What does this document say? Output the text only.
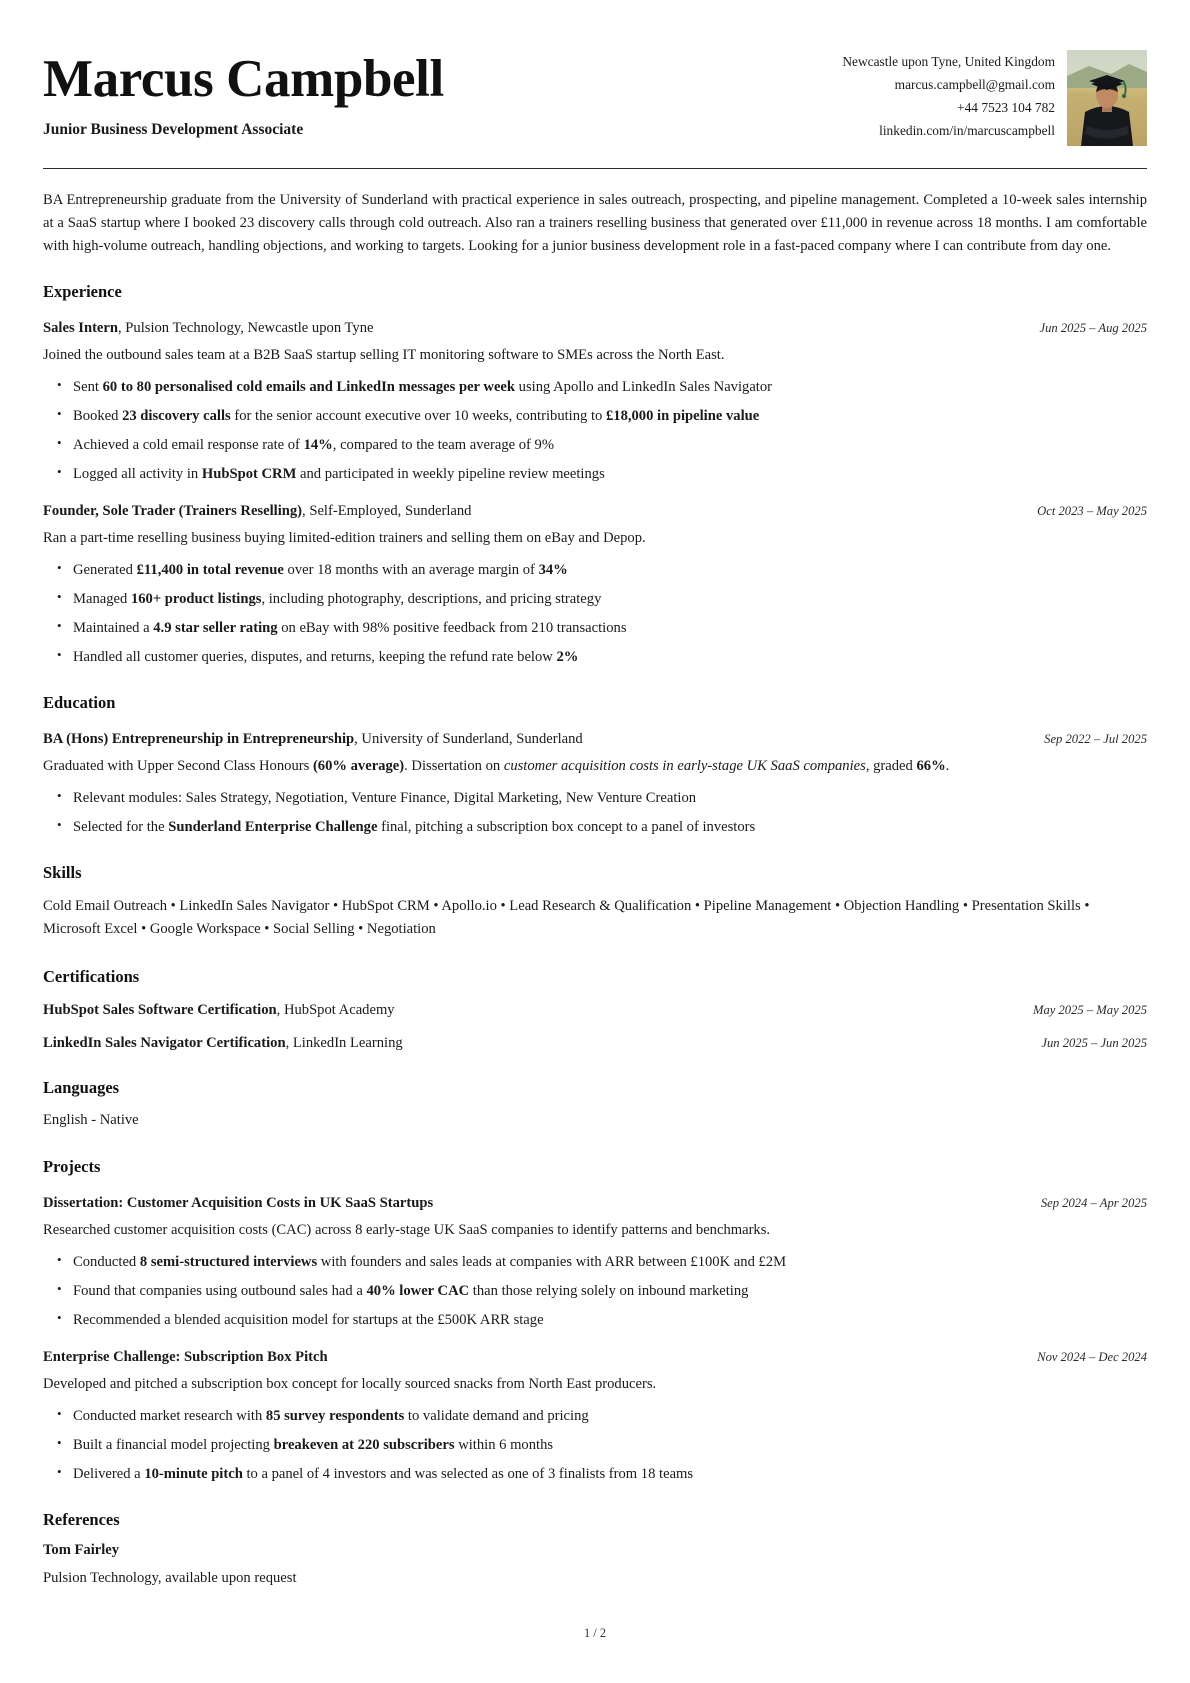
Marcus Campbell
Junior Business Development Associate
Newcastle upon Tyne, United Kingdom
marcus.campbell@gmail.com
+44 7523 104 782
linkedin.com/in/marcuscampbell
BA Entrepreneurship graduate from the University of Sunderland with practical experience in sales outreach, prospecting, and pipeline management. Completed a 10-week sales internship at a SaaS startup where I booked 23 discovery calls through cold outreach. Also ran a trainers reselling business that generated over £11,000 in revenue across 18 months. I am comfortable with high-volume outreach, handling objections, and working to targets. Looking for a junior business development role in a fast-paced company where I can contribute from day one.
Experience
Sales Intern, Pulsion Technology, Newcastle upon Tyne	Jun 2025 – Aug 2025
Joined the outbound sales team at a B2B SaaS startup selling IT monitoring software to SMEs across the North East.
• Sent 60 to 80 personalised cold emails and LinkedIn messages per week using Apollo and LinkedIn Sales Navigator
• Booked 23 discovery calls for the senior account executive over 10 weeks, contributing to £18,000 in pipeline value
• Achieved a cold email response rate of 14%, compared to the team average of 9%
• Logged all activity in HubSpot CRM and participated in weekly pipeline review meetings
Founder, Sole Trader (Trainers Reselling), Self-Employed, Sunderland	Oct 2023 – May 2025
Ran a part-time reselling business buying limited-edition trainers and selling them on eBay and Depop.
• Generated £11,400 in total revenue over 18 months with an average margin of 34%
• Managed 160+ product listings, including photography, descriptions, and pricing strategy
• Maintained a 4.9 star seller rating on eBay with 98% positive feedback from 210 transactions
• Handled all customer queries, disputes, and returns, keeping the refund rate below 2%
Education
BA (Hons) Entrepreneurship in Entrepreneurship, University of Sunderland, Sunderland	Sep 2022 – Jul 2025
Graduated with Upper Second Class Honours (60% average). Dissertation on customer acquisition costs in early-stage UK SaaS companies, graded 66%.
• Relevant modules: Sales Strategy, Negotiation, Venture Finance, Digital Marketing, New Venture Creation
• Selected for the Sunderland Enterprise Challenge final, pitching a subscription box concept to a panel of investors
Skills
Cold Email Outreach • LinkedIn Sales Navigator • HubSpot CRM • Apollo.io • Lead Research & Qualification • Pipeline Management • Objection Handling • Presentation Skills • Microsoft Excel • Google Workspace • Social Selling • Negotiation
Certifications
HubSpot Sales Software Certification, HubSpot Academy	May 2025 – May 2025
LinkedIn Sales Navigator Certification, LinkedIn Learning	Jun 2025 – Jun 2025
Languages
English - Native
Projects
Dissertation: Customer Acquisition Costs in UK SaaS Startups	Sep 2024 – Apr 2025
Researched customer acquisition costs (CAC) across 8 early-stage UK SaaS companies to identify patterns and benchmarks.
• Conducted 8 semi-structured interviews with founders and sales leads at companies with ARR between £100K and £2M
• Found that companies using outbound sales had a 40% lower CAC than those relying solely on inbound marketing
• Recommended a blended acquisition model for startups at the £500K ARR stage
Enterprise Challenge: Subscription Box Pitch	Nov 2024 – Dec 2024
Developed and pitched a subscription box concept for locally sourced snacks from North East producers.
• Conducted market research with 85 survey respondents to validate demand and pricing
• Built a financial model projecting breakeven at 220 subscribers within 6 months
• Delivered a 10-minute pitch to a panel of 4 investors and was selected as one of 3 finalists from 18 teams
References
Tom Fairley
Pulsion Technology, available upon request
1 / 2
